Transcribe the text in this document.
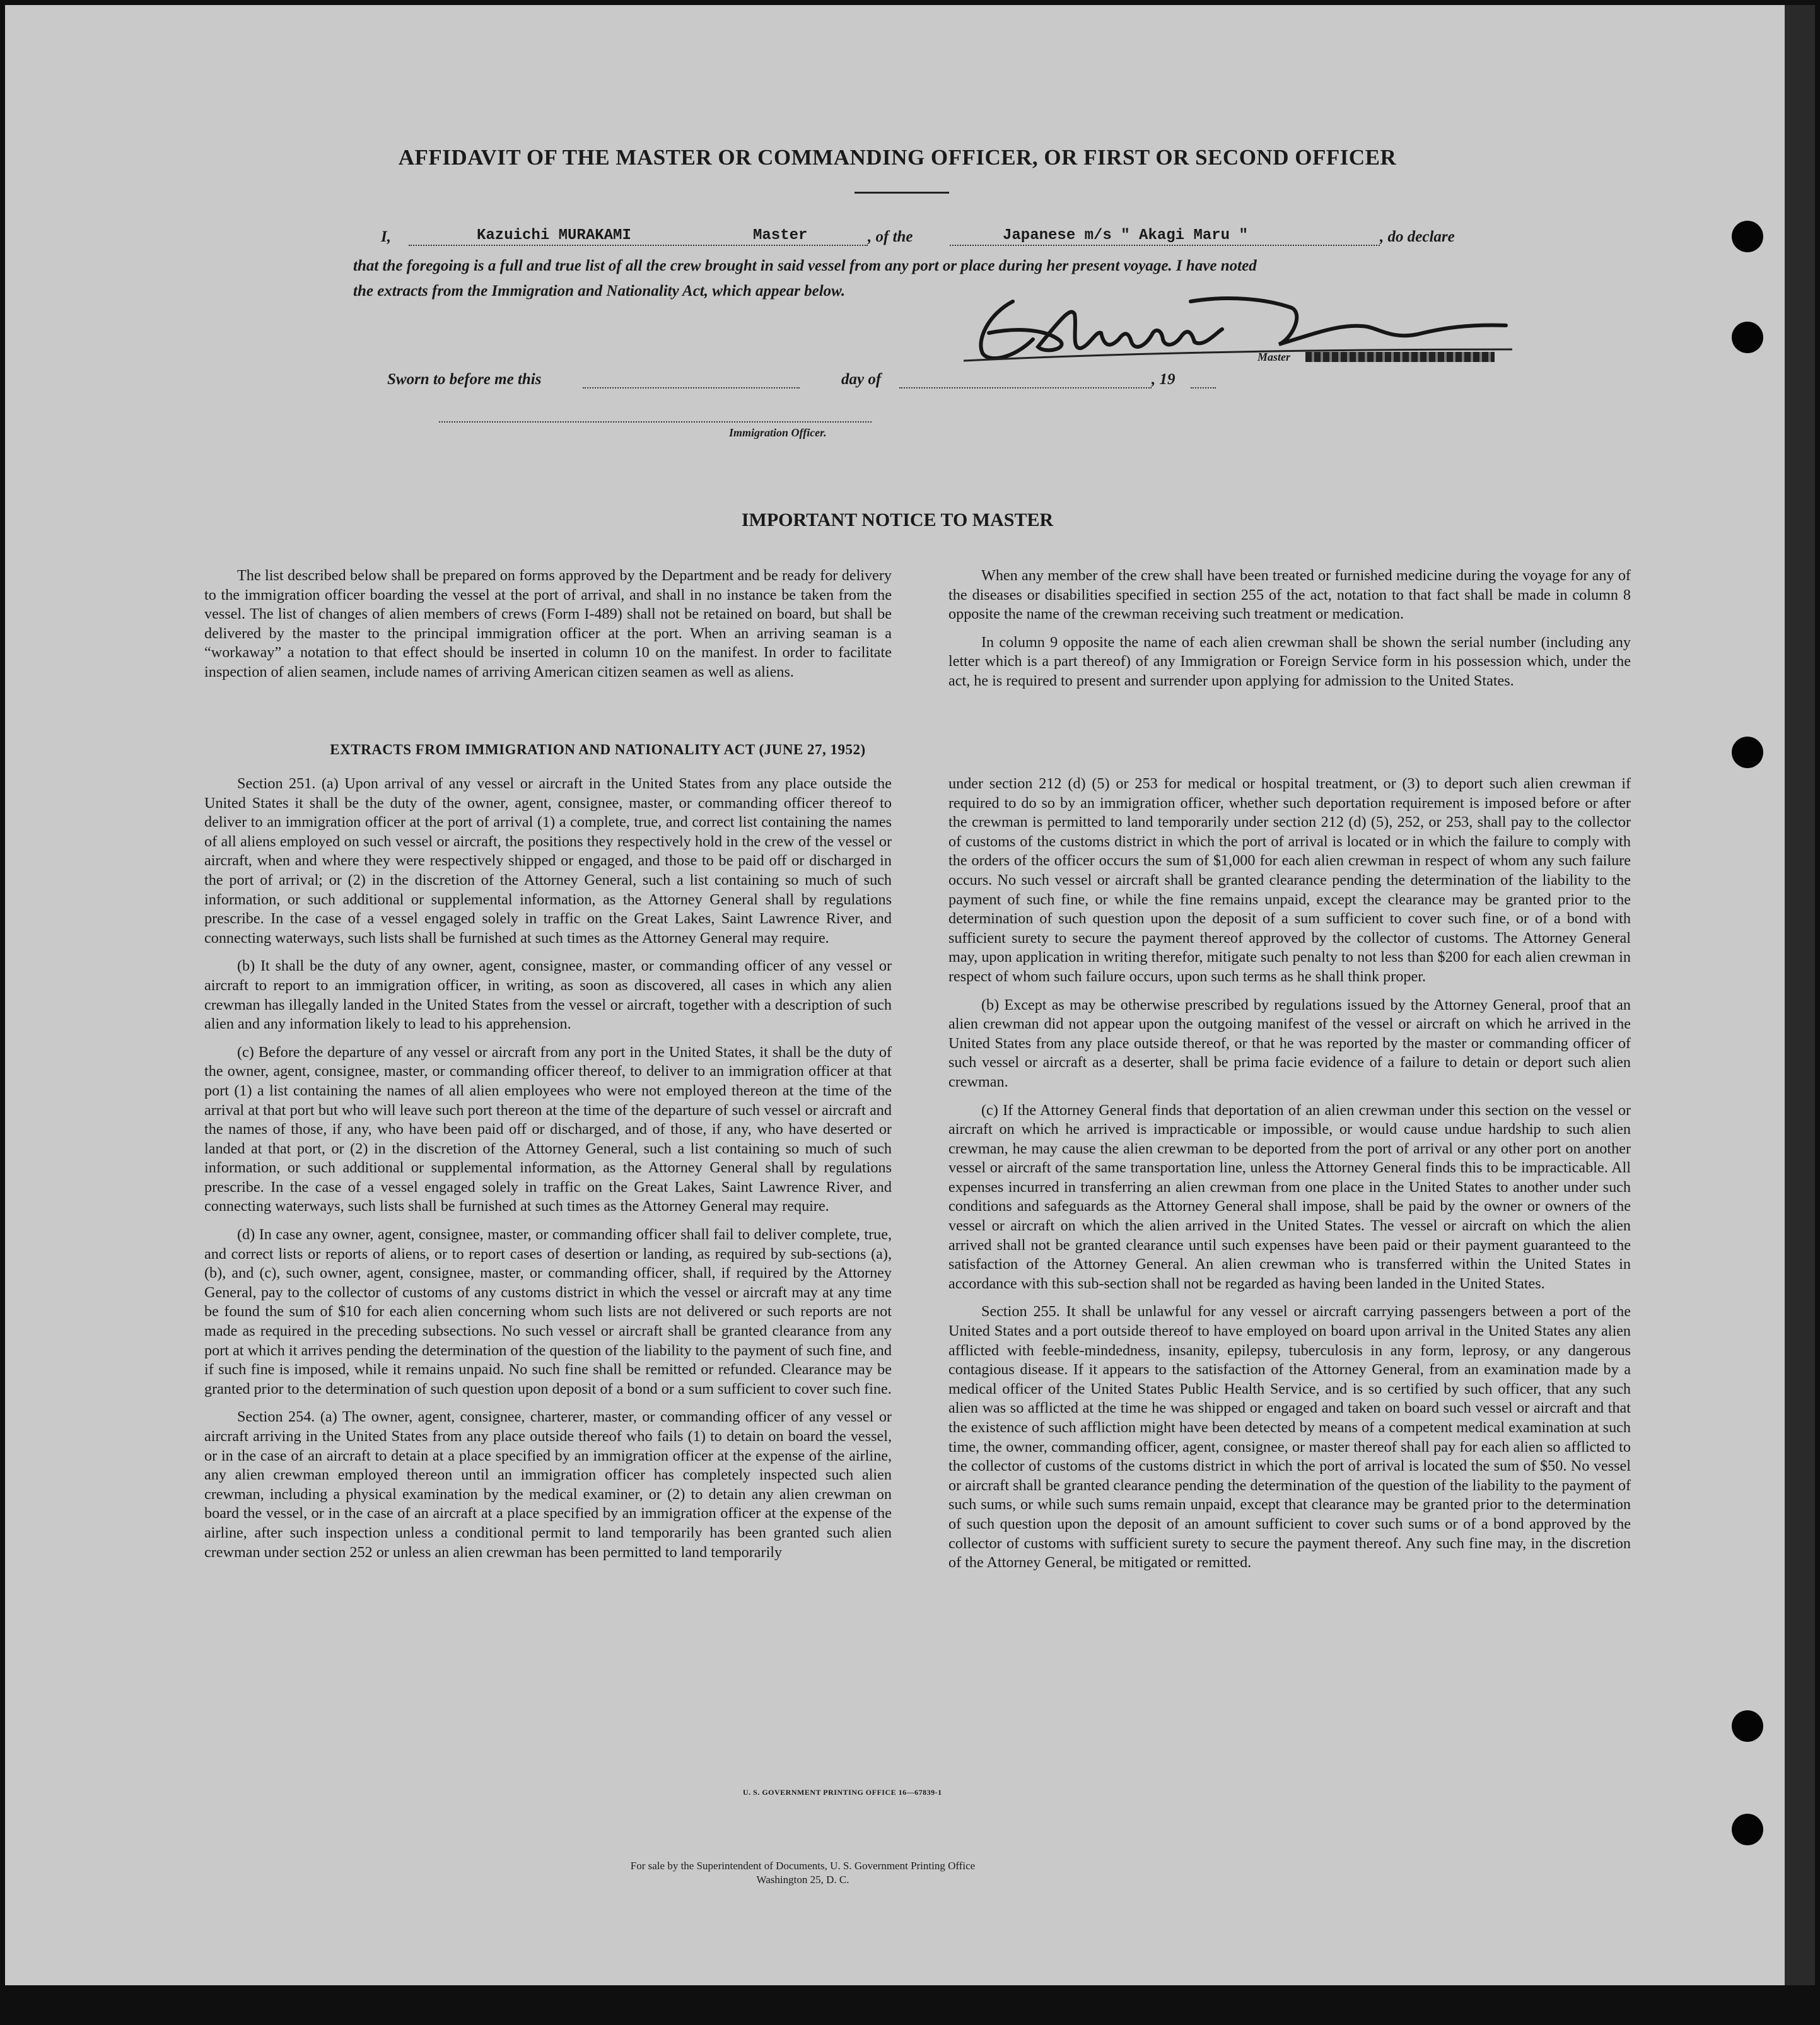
AFFIDAVIT OF THE MASTER OR COMMANDING OFFICER, OR FIRST OR SECOND OFFICER
I,	Kazuichi MURAKAMI	Master	, of the	Japanese m/s " Akagi Maru "	, do declare
that the foregoing is a full and true list of all the crew brought in said vessel from any port or place during her present voyage. I have noted
the extracts from the Immigration and Nationality Act, which appear below.
Master
Sworn to before me this	day of	, 19
Immigration Officer.
IMPORTANT NOTICE TO MASTER

The list described below shall be prepared on forms approved by the Department and be ready for delivery to the immigration officer boarding the vessel at the port of arrival, and shall in no instance be taken from the vessel. The list of changes of alien members of crews (Form I-489) shall not be retained on board, but shall be delivered by the master to the principal immigration officer at the port. When an arriving seaman is a “workaway” a notation to that effect should be inserted in column 10 on the manifest. In order to facilitate inspection of alien seamen, include names of arriving American citizen seamen as well as aliens.

When any member of the crew shall have been treated or furnished medicine during the voyage for any of the diseases or disabilities specified in section 255 of the act, notation to that fact shall be made in column 8 opposite the name of the crewman receiving such treatment or medication.

In column 9 opposite the name of each alien crewman shall be shown the serial number (including any letter which is a part thereof) of any Immigration or Foreign Service form in his possession which, under the act, he is required to present and surrender upon applying for admission to the United States.

EXTRACTS FROM IMMIGRATION AND NATIONALITY ACT (JUNE 27, 1952)

Section 251. (a) Upon arrival of any vessel or aircraft in the United States from any place outside the United States it shall be the duty of the owner, agent, consignee, master, or commanding officer thereof to deliver to an immigration officer at the port of arrival (1) a complete, true, and correct list containing the names of all aliens employed on such vessel or aircraft, the positions they respectively hold in the crew of the vessel or aircraft, when and where they were respectively shipped or engaged, and those to be paid off or discharged in the port of arrival; or (2) in the discretion of the Attorney General, such a list containing so much of such information, or such additional or supplemental information, as the Attorney General shall by regulations prescribe. In the case of a vessel engaged solely in traffic on the Great Lakes, Saint Lawrence River, and connecting waterways, such lists shall be furnished at such times as the Attorney General may require.

(b) It shall be the duty of any owner, agent, consignee, master, or commanding officer of any vessel or aircraft to report to an immigration officer, in writing, as soon as discovered, all cases in which any alien crewman has illegally landed in the United States from the vessel or aircraft, together with a description of such alien and any information likely to lead to his apprehension.

(c) Before the departure of any vessel or aircraft from any port in the United States, it shall be the duty of the owner, agent, consignee, master, or commanding officer thereof, to deliver to an immigration officer at that port (1) a list containing the names of all alien employees who were not employed thereon at the time of the arrival at that port but who will leave such port thereon at the time of the departure of such vessel or aircraft and the names of those, if any, who have been paid off or discharged, and of those, if any, who have deserted or landed at that port, or (2) in the discretion of the Attorney General, such a list containing so much of such information, or such additional or supplemental information, as the Attorney General shall by regulations prescribe. In the case of a vessel engaged solely in traffic on the Great Lakes, Saint Lawrence River, and connecting waterways, such lists shall be furnished at such times as the Attorney General may require.

(d) In case any owner, agent, consignee, master, or commanding officer shall fail to deliver complete, true, and correct lists or reports of aliens, or to report cases of desertion or landing, as required by sub-sections (a), (b), and (c), such owner, agent, consignee, master, or commanding officer, shall, if required by the Attorney General, pay to the collector of customs of any customs district in which the vessel or aircraft may at any time be found the sum of $10 for each alien concerning whom such lists are not delivered or such reports are not made as required in the preceding subsections. No such vessel or aircraft shall be granted clearance from any port at which it arrives pending the determination of the question of the liability to the payment of such fine, and if such fine is imposed, while it remains unpaid. No such fine shall be remitted or refunded. Clearance may be granted prior to the determination of such question upon deposit of a bond or a sum sufficient to cover such fine.

Section 254. (a) The owner, agent, consignee, charterer, master, or commanding officer of any vessel or aircraft arriving in the United States from any place outside thereof who fails (1) to detain on board the vessel, or in the case of an aircraft to detain at a place specified by an immigration officer at the expense of the airline, any alien crewman employed thereon until an immigration officer has completely inspected such alien crewman, including a physical examination by the medical examiner, or (2) to detain any alien crewman on board the vessel, or in the case of an aircraft at a place specified by an immigration officer at the expense of the airline, after such inspection unless a conditional permit to land temporarily has been granted such alien crewman under section 252 or unless an alien crewman has been permitted to land temporarily

under section 212 (d) (5) or 253 for medical or hospital treatment, or (3) to deport such alien crewman if required to do so by an immigration officer, whether such deportation requirement is imposed before or after the crewman is permitted to land temporarily under section 212 (d) (5), 252, or 253, shall pay to the collector of customs of the customs district in which the port of arrival is located or in which the failure to comply with the orders of the officer occurs the sum of $1,000 for each alien crewman in respect of whom any such failure occurs. No such vessel or aircraft shall be granted clearance pending the determination of the liability to the payment of such fine, or while the fine remains unpaid, except the clearance may be granted prior to the determination of such question upon the deposit of a sum sufficient to cover such fine, or of a bond with sufficient surety to secure the payment thereof approved by the collector of customs. The Attorney General may, upon application in writing therefor, mitigate such penalty to not less than $200 for each alien crewman in respect of whom such failure occurs, upon such terms as he shall think proper.

(b) Except as may be otherwise prescribed by regulations issued by the Attorney General, proof that an alien crewman did not appear upon the outgoing manifest of the vessel or aircraft on which he arrived in the United States from any place outside thereof, or that he was reported by the master or commanding officer of such vessel or aircraft as a deserter, shall be prima facie evidence of a failure to detain or deport such alien crewman.

(c) If the Attorney General finds that deportation of an alien crewman under this section on the vessel or aircraft on which he arrived is impracticable or impossible, or would cause undue hardship to such alien crewman, he may cause the alien crewman to be deported from the port of arrival or any other port on another vessel or aircraft of the same transportation line, unless the Attorney General finds this to be impracticable. All expenses incurred in transferring an alien crewman from one place in the United States to another under such conditions and safeguards as the Attorney General shall impose, shall be paid by the owner or owners of the vessel or aircraft on which the alien arrived in the United States. The vessel or aircraft on which the alien arrived shall not be granted clearance until such expenses have been paid or their payment guaranteed to the satisfaction of the Attorney General. An alien crewman who is transferred within the United States in accordance with this sub-section shall not be regarded as having been landed in the United States.

Section 255. It shall be unlawful for any vessel or aircraft carrying passengers between a port of the United States and a port outside thereof to have employed on board upon arrival in the United States any alien afflicted with feeble-mindedness, insanity, epilepsy, tuberculosis in any form, leprosy, or any dangerous contagious disease. If it appears to the satisfaction of the Attorney General, from an examination made by a medical officer of the United States Public Health Service, and is so certified by such officer, that any such alien was so afflicted at the time he was shipped or engaged and taken on board such vessel or aircraft and that the existence of such affliction might have been detected by means of a competent medical examination at such time, the owner, commanding officer, agent, consignee, or master thereof shall pay for each alien so afflicted to the collector of customs of the customs district in which the port of arrival is located the sum of $50. No vessel or aircraft shall be granted clearance pending the determination of the question of the liability to the payment of such sums, or while such sums remain unpaid, except that clearance may be granted prior to the determination of such question upon the deposit of an amount sufficient to cover such sums or of a bond approved by the collector of customs with sufficient surety to secure the payment thereof. Any such fine may, in the discretion of the Attorney General, be mitigated or remitted.

U. S. GOVERNMENT PRINTING OFFICE 16—67839-1
For sale by the Superintendent of Documents, U. S. Government Printing Office
Washington 25, D. C.
